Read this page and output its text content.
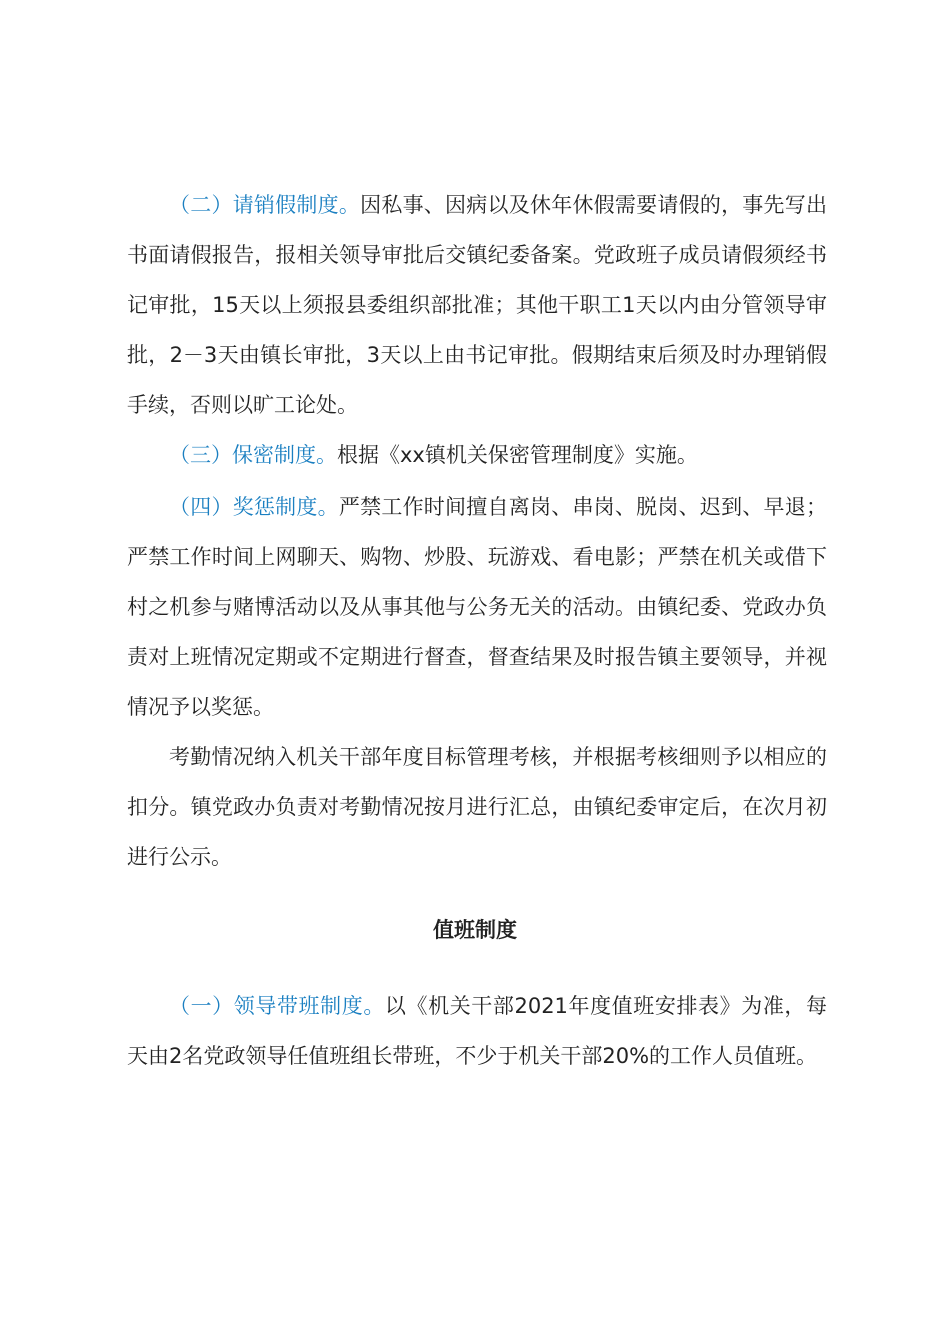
（二）请销假制度。因私事、因病以及休年休假需要请假的，事先写出书面请假报告，报相关领导审批后交镇纪委备案。党政班子成员请假须经书记审批，15天以上须报县委组织部批准；其他干职工1天以内由分管领导审批，2－3天由镇长审批，3天以上由书记审批。假期结束后须及时办理销假手续，否则以旷工论处。

（三）保密制度。根据《xx镇机关保密管理制度》实施。

（四）奖惩制度。严禁工作时间擅自离岗、串岗、脱岗、迟到、早退；严禁工作时间上网聊天、购物、炒股、玩游戏、看电影；严禁在机关或借下村之机参与赌博活动以及从事其他与公务无关的活动。由镇纪委、党政办负责对上班情况定期或不定期进行督查，督查结果及时报告镇主要领导，并视情况予以奖惩。

考勤情况纳入机关干部年度目标管理考核，并根据考核细则予以相应的扣分。镇党政办负责对考勤情况按月进行汇总，由镇纪委审定后，在次月初进行公示。

值班制度

（一）领导带班制度。以《机关干部2021年度值班安排表》为准，每天由2名党政领导任值班组长带班，不少于机关干部20%的工作人员值班。
